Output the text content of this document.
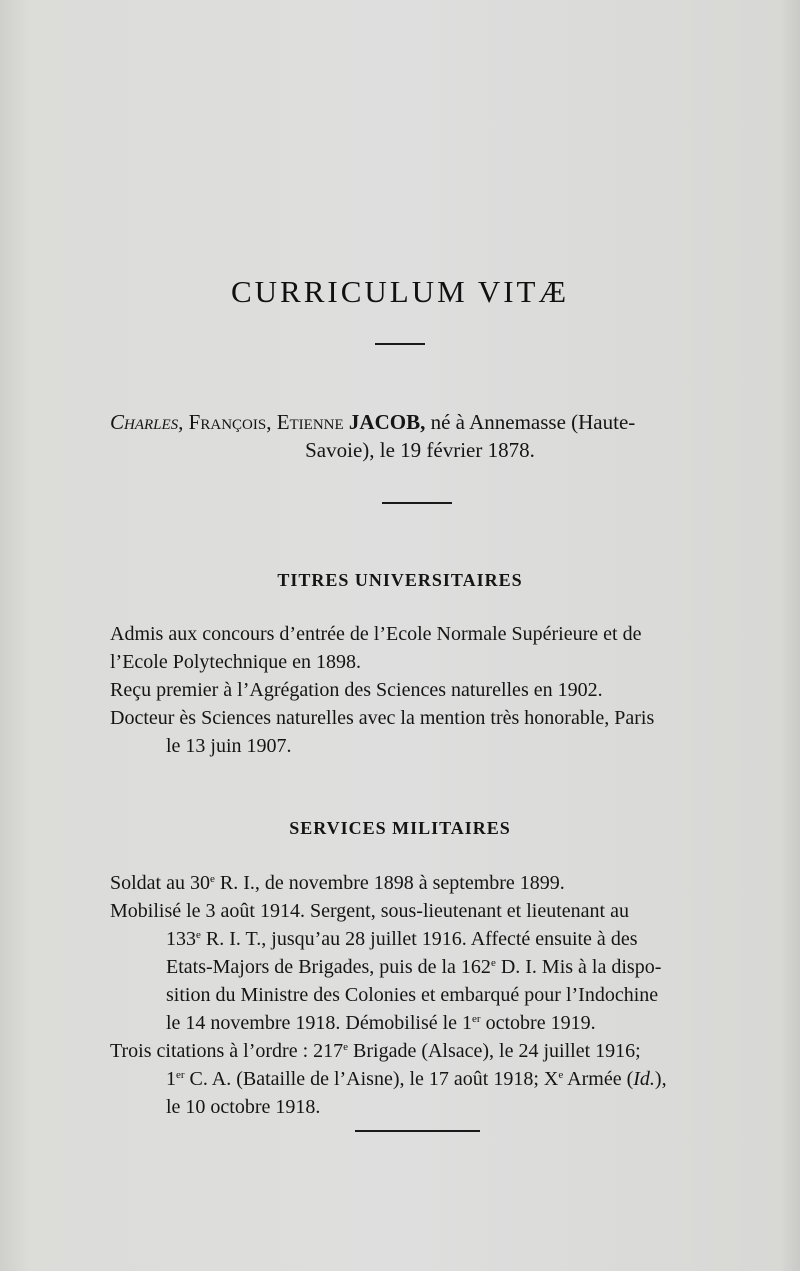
CURRICULUM VITÆ
Charles, François, Etienne JACOB, né à Annemasse (Haute-
Savoie), le 19 février 1878.
TITRES UNIVERSITAIRES
Admis aux concours d’entrée de l’Ecole Normale Supérieure et de
l’Ecole Polytechnique en 1898.
Reçu premier à l’Agrégation des Sciences naturelles en 1902.
Docteur ès Sciences naturelles avec la mention très honorable, Paris
le 13 juin 1907.
SERVICES MILITAIRES
Soldat au 30e R. I., de novembre 1898 à septembre 1899.
Mobilisé le 3 août 1914. Sergent, sous-lieutenant et lieutenant au
133e R. I. T., jusqu’au 28 juillet 1916. Affecté ensuite à des
Etats-Majors de Brigades, puis de la 162e D. I. Mis à la dispo-
sition du Ministre des Colonies et embarqué pour l’Indochine
le 14 novembre 1918. Démobilisé le 1er octobre 1919.
Trois citations à l’ordre : 217e Brigade (Alsace), le 24 juillet 1916;
1er C. A. (Bataille de l’Aisne), le 17 août 1918; Xe Armée (Id.),
le 10 octobre 1918.
